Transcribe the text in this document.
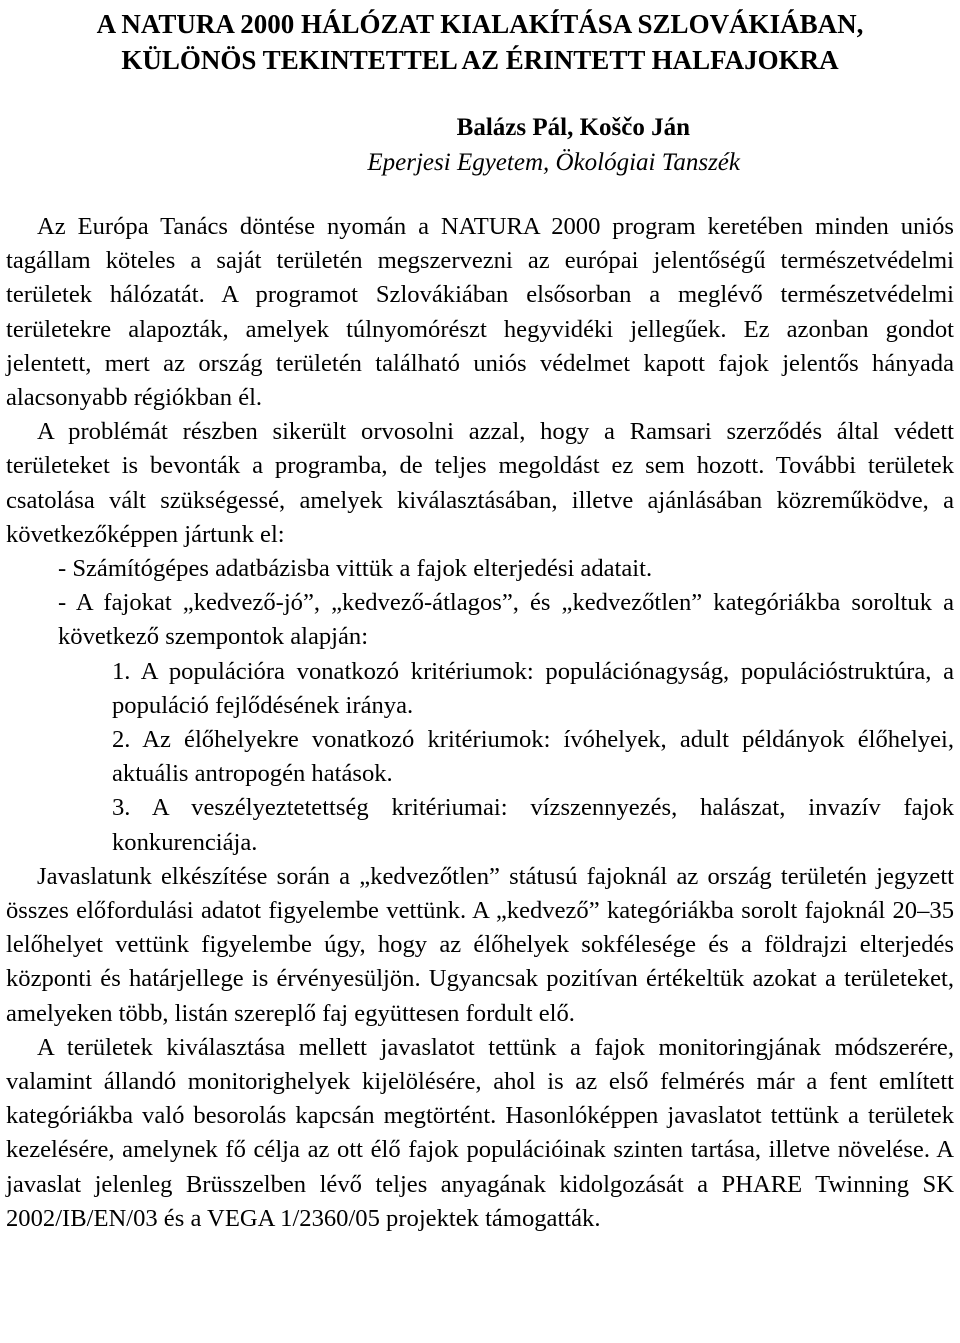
A NATURA 2000 HÁLÓZAT KIALAKÍTÁSA SZLOVÁKIÁBAN,
KÜLÖNÖS TEKINTETTEL AZ ÉRINTETT HALFAJOKRA
Balázs Pál, Koščo Ján
Eperjesi Egyetem, Ökológiai Tanszék

Az Európa Tanács döntése nyomán a NATURA 2000 program keretében minden uniós tagállam köteles a saját területén megszervezni az európai jelentőségű természetvédelmi területek hálózatát. A programot Szlovákiában elsősorban a meglévő természetvédelmi területekre alapozták, amelyek túlnyomórészt hegyvidéki jellegűek. Ez azonban gondot jelentett, mert az ország területén található uniós védelmet kapott fajok jelentős hányada alacsonyabb régiókban él.

A problémát részben sikerült orvosolni azzal, hogy a Ramsari szerződés által védett területeket is bevonták a programba, de teljes megoldást ez sem hozott. További területek csatolása vált szükségessé, amelyek kiválasztásában, illetve ajánlásában közreműködve, a következőképpen jártunk el:

- Számítógépes adatbázisba vittük a fajok elterjedési adatait.

- A fajokat „kedvező-jó”, „kedvező-átlagos”, és „kedvezőtlen” kategóriákba soroltuk a következő szempontok alapján:

1. A populációra vonatkozó kritériumok: populációnagyság, populációstruktúra, a populáció fejlődésének iránya.

2. Az élőhelyekre vonatkozó kritériumok: ívóhelyek, adult példányok élőhelyei, aktuális antropogén hatások.

3. A veszélyeztetettség kritériumai: vízszennyezés, halászat, invazív fajok konkurenciája.

Javaslatunk elkészítése során a „kedvezőtlen” státusú fajoknál az ország területén jegyzett összes előfordulási adatot figyelembe vettünk. A „kedvező” kategóriákba sorolt fajoknál 20–35 lelőhelyet vettünk figyelembe úgy, hogy az élőhelyek sokfélesége és a földrajzi elterjedés központi és határjellege is érvényesüljön. Ugyancsak pozitívan értékeltük azokat a területeket, amelyeken több, listán szereplő faj együttesen fordult elő.

A területek kiválasztása mellett javaslatot tettünk a fajok monitoringjának módszerére, valamint állandó monitorighelyek kijelölésére, ahol is az első felmérés már a fent említett kategóriákba való besorolás kapcsán megtörtént. Hasonlóképpen javaslatot tettünk a területek kezelésére, amelynek fő célja az ott élő fajok populációinak szinten tartása, illetve növelése. A javaslat jelenleg Brüsszelben lévő teljes anyagának kidolgozását a PHARE Twinning SK 2002/IB/EN/03 és a VEGA 1/2360/05 projektek támogatták.
